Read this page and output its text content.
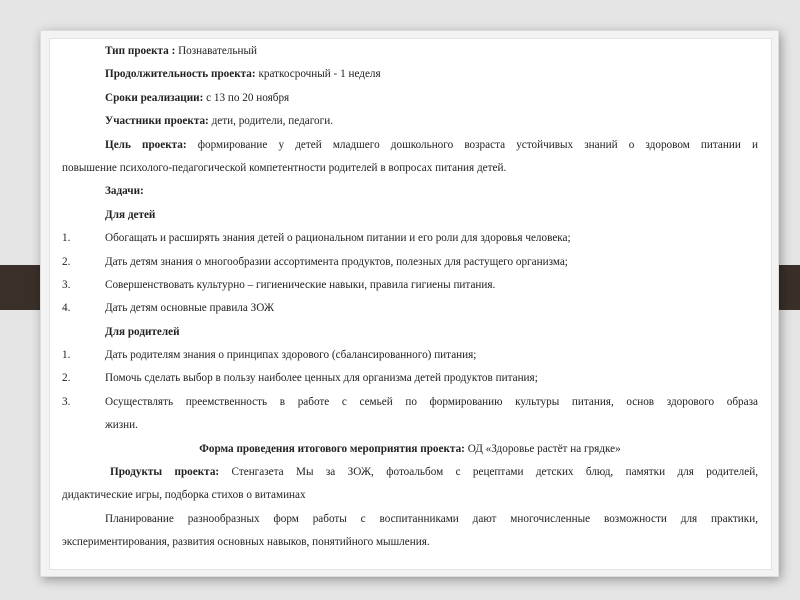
Тип проекта : Познавательный
Продолжительность проекта: краткосрочный - 1 неделя
Сроки реализации: с 13 по 20 ноября
Участники проекта: дети, родители, педагоги.
Цель проекта: формирование у детей младшего дошкольного возраста устойчивых знаний о здоровом питании и
повышение психолого-педагогической компетентности родителей в вопросах питания детей.
Задачи:
Для детей
1.	Обогащать и расширять знания детей о рациональном питании и его роли для здоровья человека;
2.	Дать детям знания о многообразии ассортимента продуктов, полезных для растущего организма;
3.	Совершенствовать культурно – гигиенические навыки, правила гигиены питания.
4.	Дать детям основные правила ЗОЖ
Для родителей
1.	Дать родителям знания о принципах здорового (сбалансированного) питания;
2.	Помочь сделать выбор в пользу наиболее ценных для организма детей продуктов питания;
3.	Осуществлять преемственность в работе с семьей по формированию культуры питания, основ здорового образа
жизни.
Форма проведения итогового мероприятия проекта: ОД «Здоровье растёт на грядке»
Продукты проекта: Стенгазета Мы за ЗОЖ, фотоальбом с рецептами детских блюд, памятки для родителей,
дидактические игры, подборка стихов о витаминах
Планирование разнообразных форм работы с воспитанниками дают многочисленные возможности для практики,
экспериментирования, развития основных навыков, понятийного мышления.
